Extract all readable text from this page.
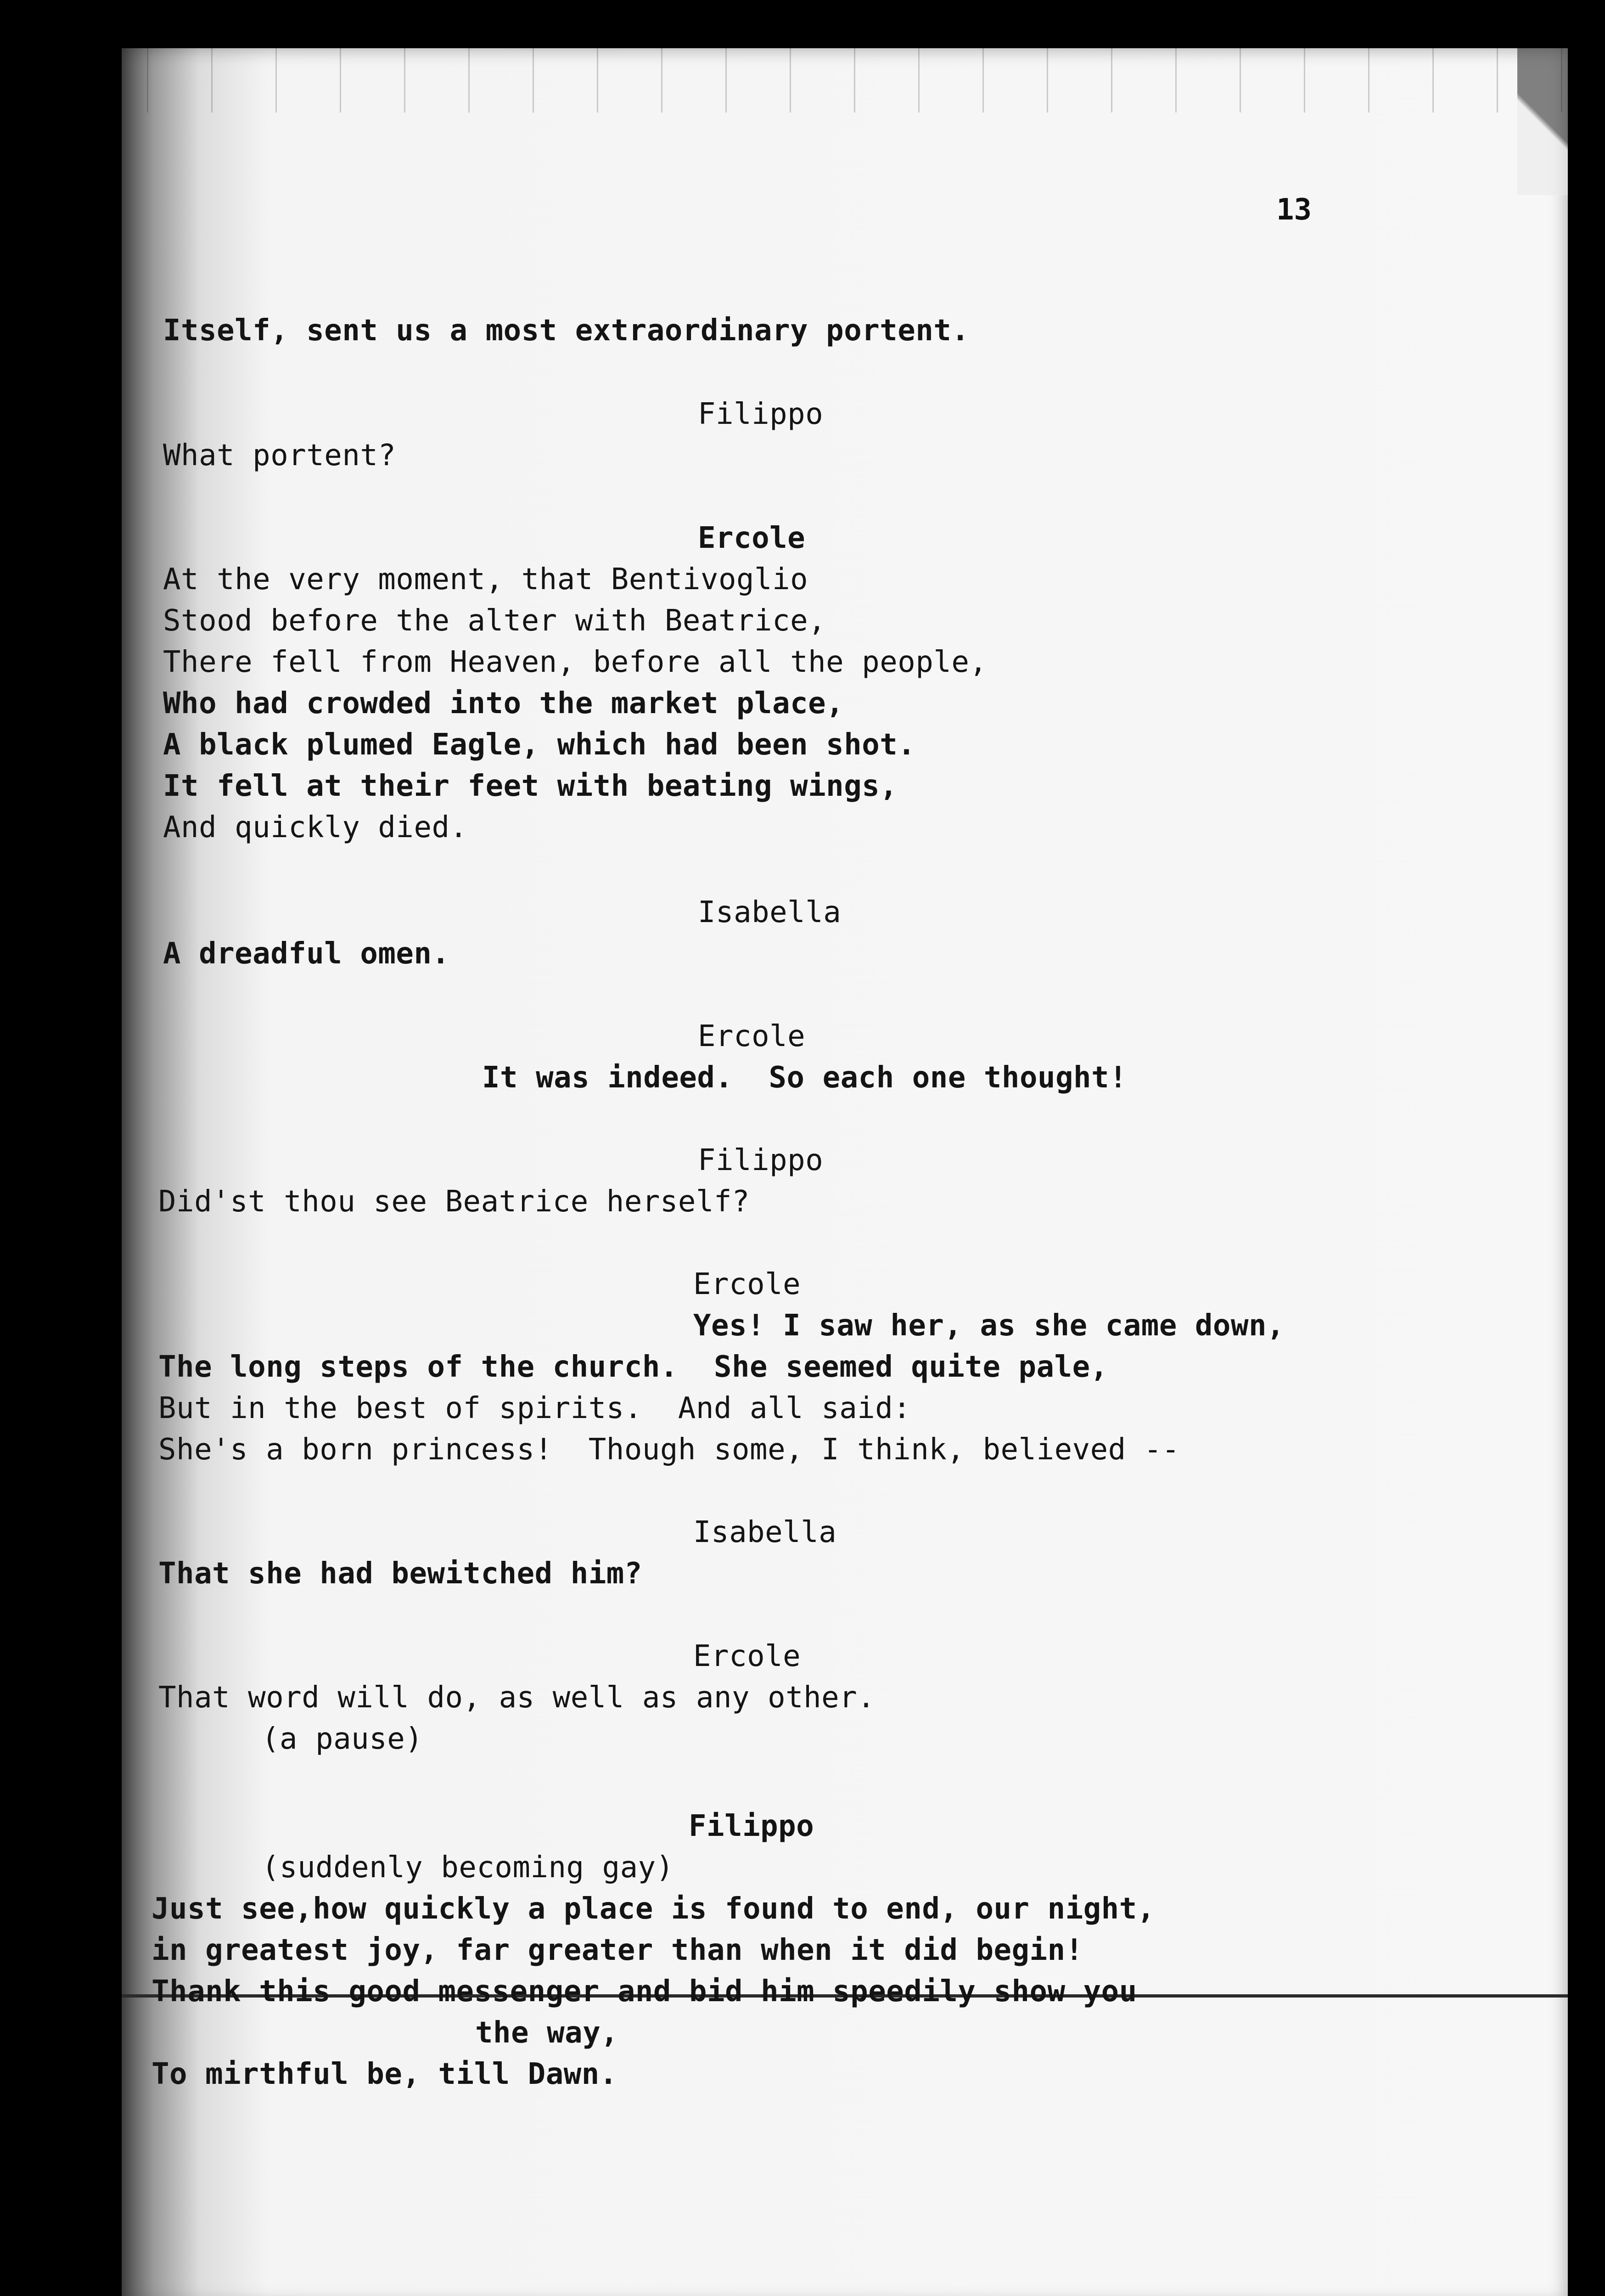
13
Itself, sent us a most extraordinary portent.
Filippo
What portent?
Ercole
At the very moment, that Bentivoglio
Stood before the alter with Beatrice,
There fell from Heaven, before all the people,
Who had crowded into the market place,
A black plumed Eagle, which had been shot.
It fell at their feet with beating wings,
And quickly died.
Isabella
A dreadful omen.
Ercole
It was indeed.  So each one thought!
Filippo
Did'st thou see Beatrice herself?
Ercole
Yes! I saw her, as she came down,
The long steps of the church.  She seemed quite pale,
But in the best of spirits.  And all said:
She's a born princess!  Though some, I think, believed --
Isabella
That she had bewitched him?
Ercole
That word will do, as well as any other.
(a pause)
Filippo
(suddenly becoming gay)
Just see,how quickly a place is found to end, our night,
in greatest joy, far greater than when it did begin!
Thank this good messenger and bid him speedily show you
the way,
To mirthful be, till Dawn.
